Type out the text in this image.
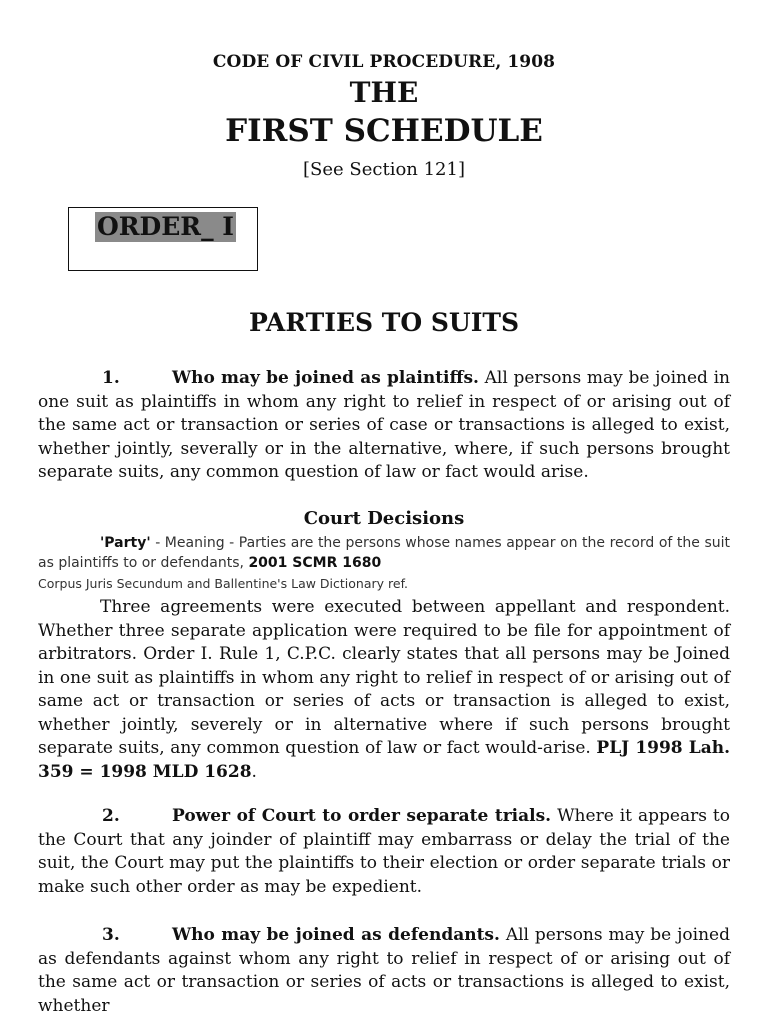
CODE OF CIVIL PROCEDURE, 1908
THE
FIRST SCHEDULE
[See Section 121]
ORDER_ I
PARTIES TO SUITS
1.	Who may be joined as plaintiffs. All persons may be joined in one suit as plaintiffs in whom any right to relief in respect of or arising out of the same act or transaction or series of case or transactions is alleged to exist, whether jointly, severally or in the alternative, where, if such persons brought separate suits, any common question of law or fact would arise.
Court Decisions
'Party' - Meaning - Parties are the persons whose names appear on the record of the suit as plaintiffs to or defendants, 2001 SCMR 1680
Corpus Juris Secundum and Ballentine's Law Dictionary ref.
Three agreements were executed between appellant and respondent. Whether three separate application were required to be file for appointment of arbitrators. Order I. Rule 1, C.P.C. clearly states that all persons may be Joined in one suit as plaintiffs in whom any right to relief in respect of or arising out of same act or transaction or series of acts or transaction is alleged to exist, whether jointly, severely or in alternative where if such persons brought separate suits, any common question of law or fact would-arise. PLJ 1998 Lah. 359 = 1998 MLD 1628.
2.	Power of Court to order separate trials. Where it appears to the Court that any joinder of plaintiff may embarrass or delay the trial of the suit, the Court may put the plaintiffs to their election or order separate trials or make such other order as may be expedient.
3.	Who may be joined as defendants. All persons may be joined as defendants against whom any right to relief in respect of or arising out of the same act or transaction or series of acts or transactions is alleged to exist, whether
